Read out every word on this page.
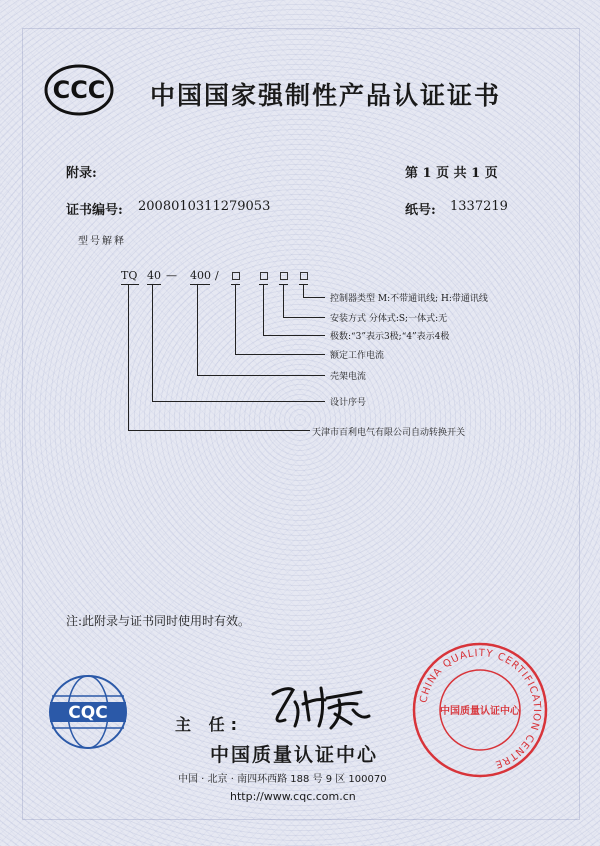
CCC 中国国家强制性产品认证证书
附录:	第 1 页 共 1 页
证书编号: 2008010311279053	纸号: 1337219
型号解释
TQ 40 — 400 /
控制器类型 M:不带通讯线; H:带通讯线
安装方式 分体式:S;一体式:无
极数:“3”表示3极;“4”表示4极
额定工作电流
壳架电流
设计序号
天津市百利电气有限公司自动转换开关
注:此附录与证书同时使用时有效。
CQC
主 任:
中国质量认证中心
中国 · 北京 · 南四环西路 188 号 9 区 100070
http://www.cqc.com.cn
CHINA QUALITY CERTIFICATION CENTRE
中国质量认证中心
